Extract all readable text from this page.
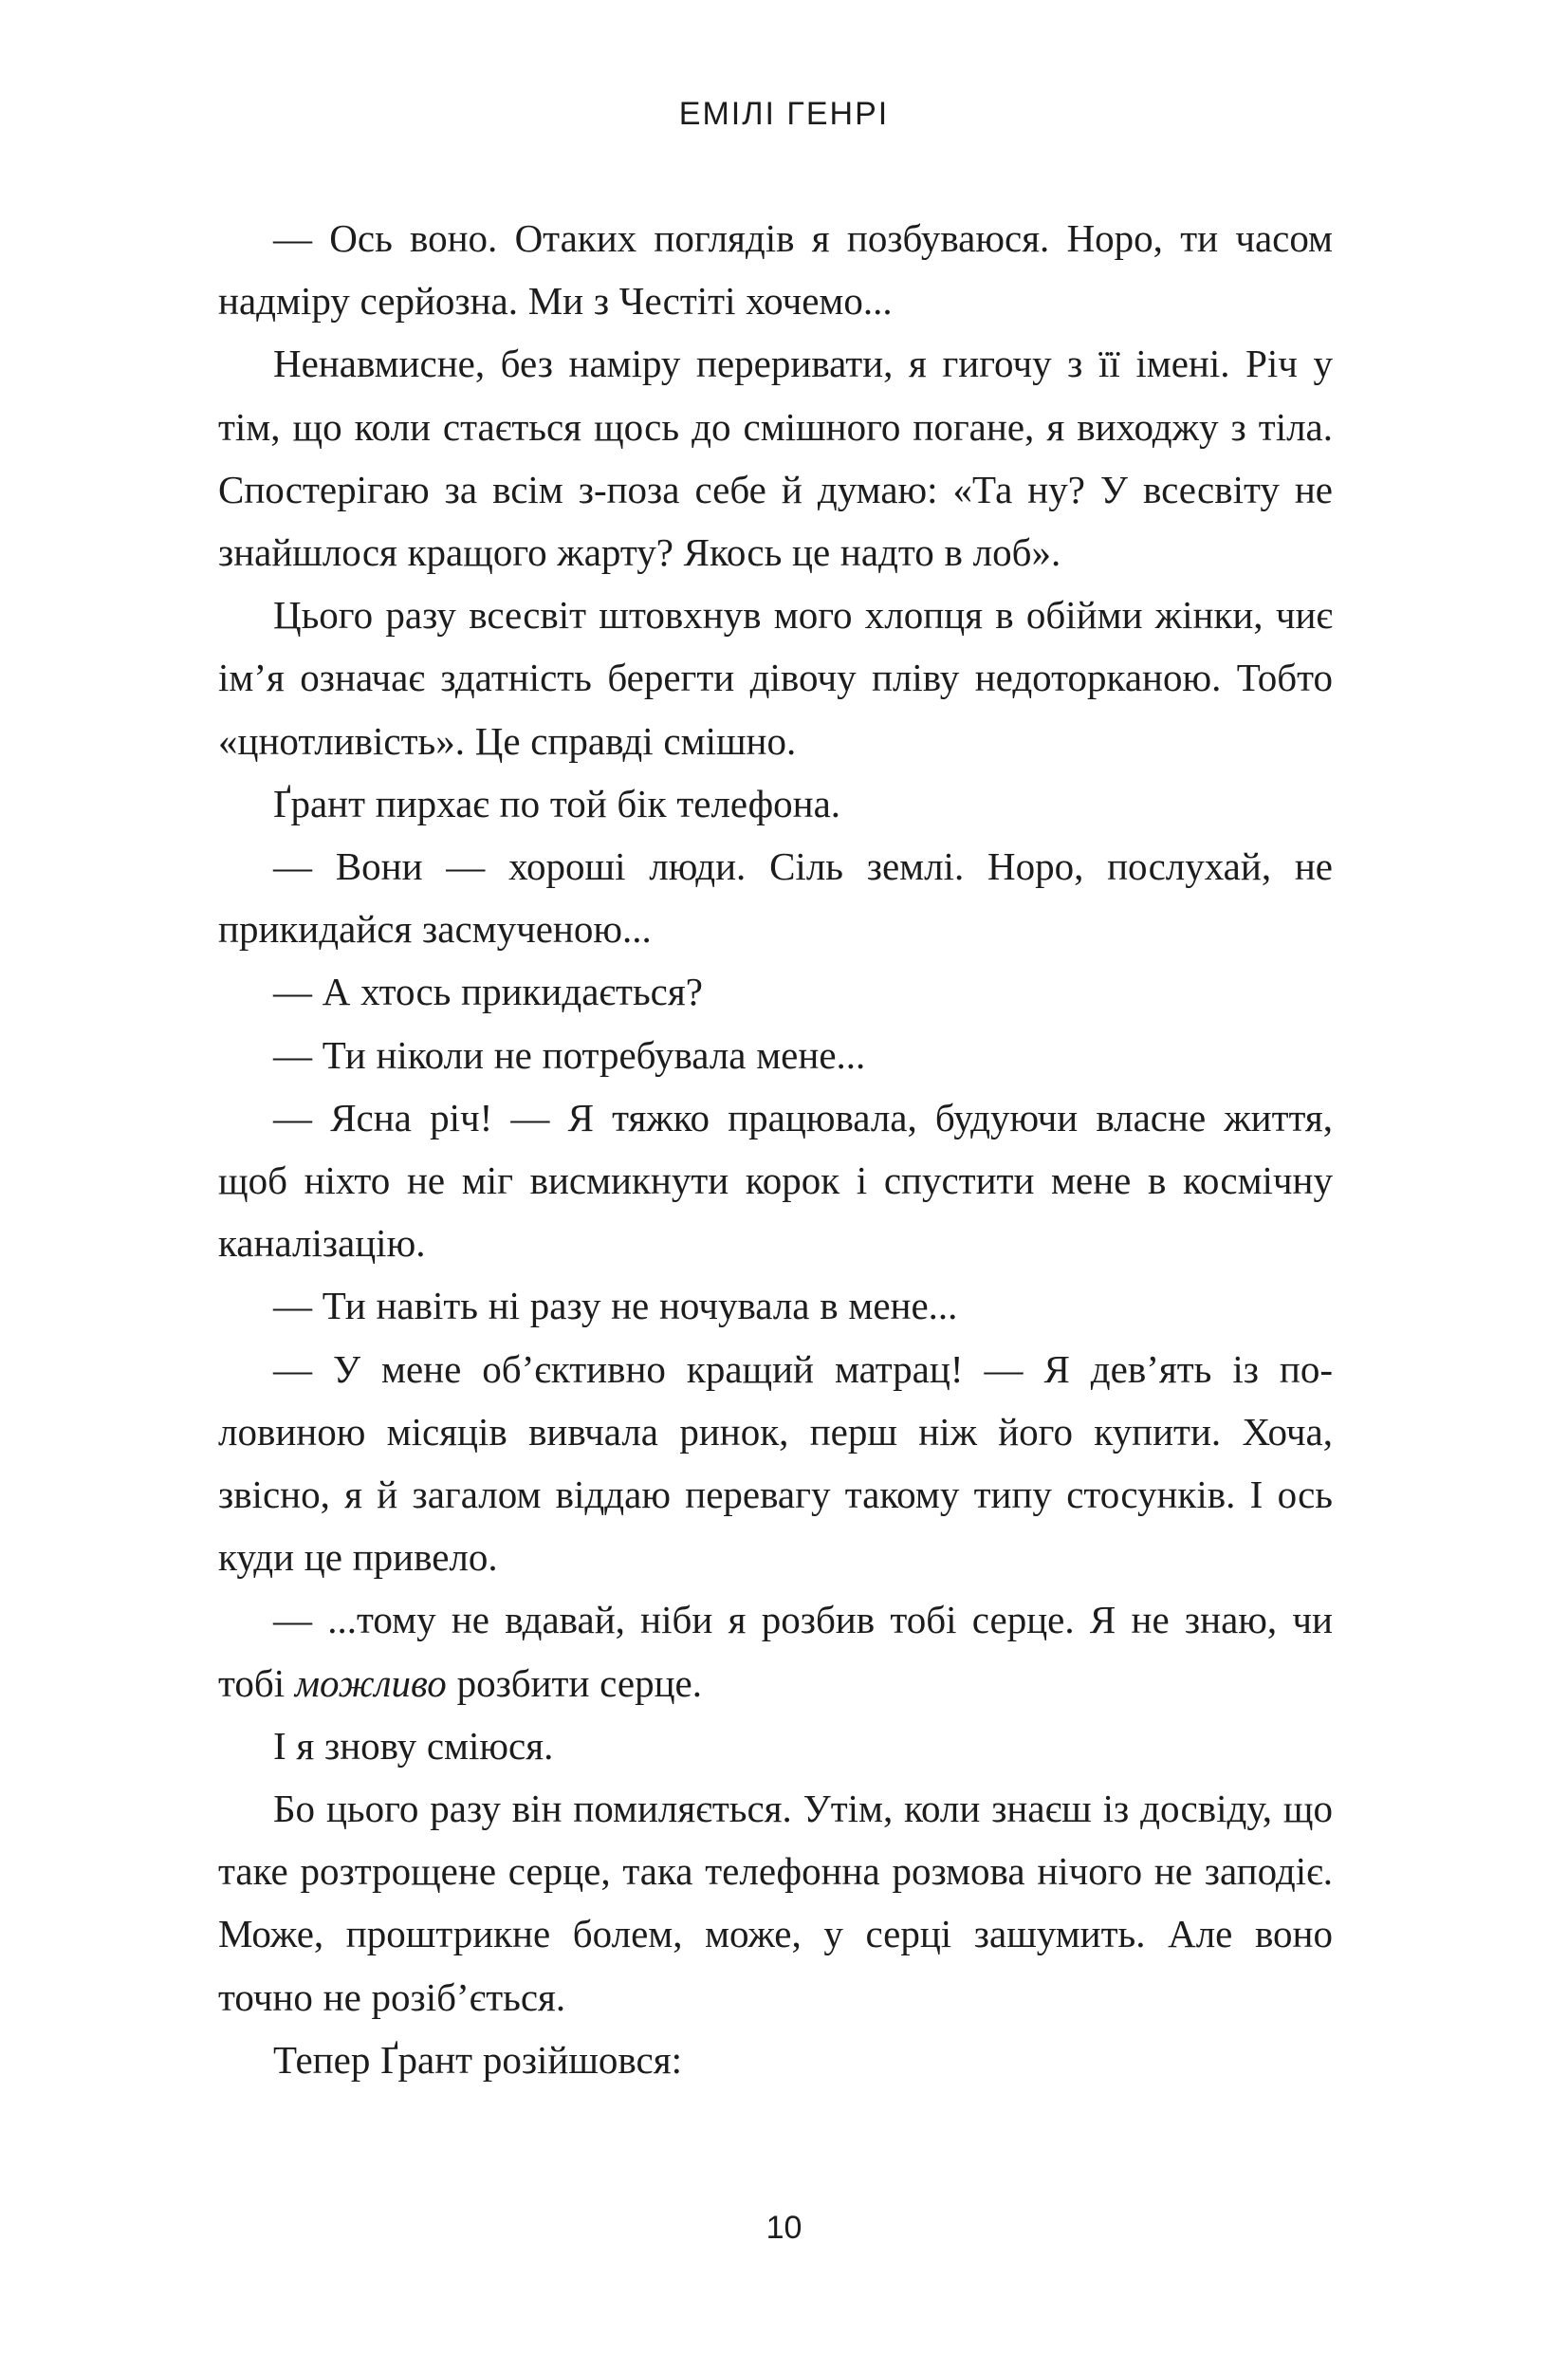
ЕМІЛІ ГЕНРІ

— Ось воно. Отаких поглядів я позбуваюся. Норо, ти часом надміру серйозна. Ми з Честіті хочемо...

Ненавмисне, без наміру переривати, я гигочу з її імені. Річ у тім, що коли стається щось до смішного погане, я виходжу з тіла. Спостерігаю за всім з-поза себе й думаю: «Та ну? У всесвіту не знайшлося кращого жарту? Якось це надто в лоб».

Цього разу всесвіт штовхнув мого хлопця в обійми жінки, чиє ім’я означає здатність берегти дівочу пліву недоторканою. Тобто «цнотливість». Це справді смішно.

Ґрант пирхає по той бік телефона.

— Вони — хороші люди. Сіль землі. Норо, послухай, не прикидайся засмученою...

— А хтось прикидається?

— Ти ніколи не потребувала мене...

— Ясна річ! — Я тяжко працювала, будуючи власне життя, щоб ніхто не міг висмикнути корок і спустити мене в космічну каналізацію.

— Ти навіть ні разу не ночувала в мене...

— У мене об’єктивно кращий матрац! — Я дев’ять із половиною місяців вивчала ринок, перш ніж його купити. Хоча, звісно, я й загалом віддаю перевагу такому типу стосунків. І ось куди це привело.

— ...тому не вдавай, ніби я розбив тобі серце. Я не знаю, чи тобі можливо розбити серце.

І я знову сміюся.

Бо цього разу він помиляється. Утім, коли знаєш із досвіду, що таке розтрощене серце, така телефонна розмова нічого не заподіє. Може, проштрикне болем, може, у серці зашумить. Але воно точно не розіб’ється.

Тепер Ґрант розійшовся:

10
